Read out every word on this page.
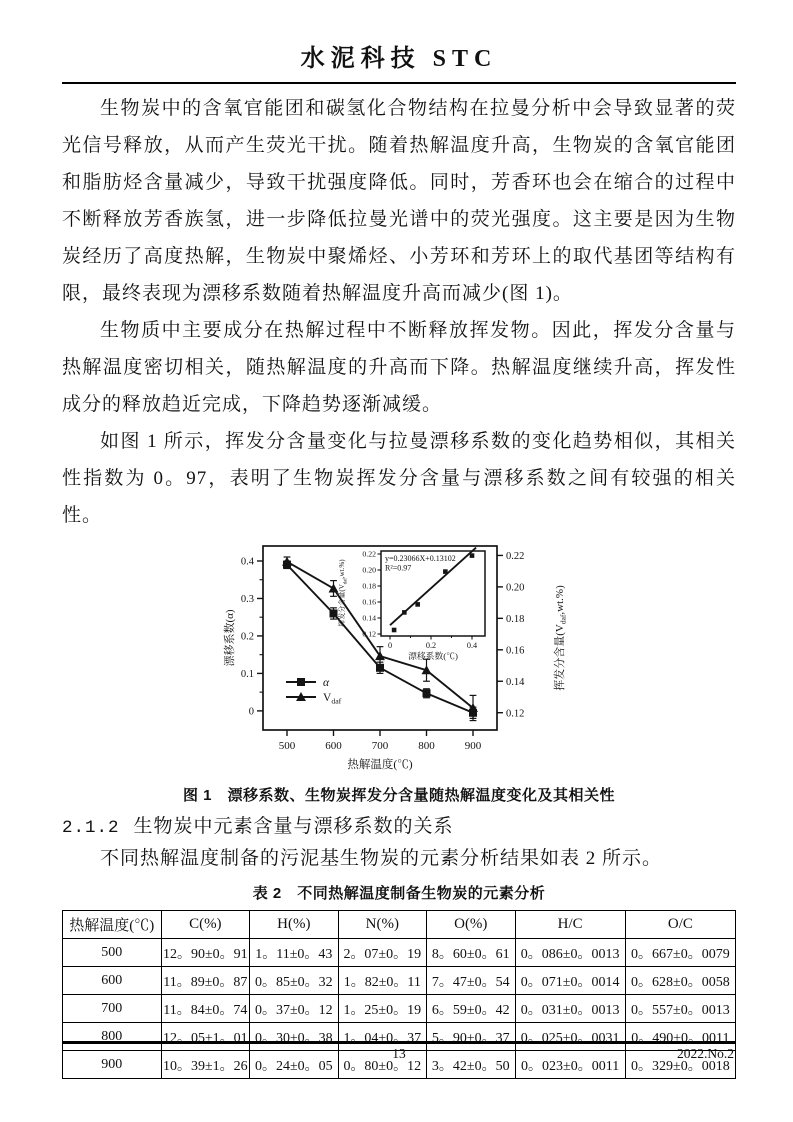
水泥科技 STC

生物炭中的含氧官能团和碳氢化合物结构在拉曼分析中会导致显著的荧光信号释放，从而产生荧光干扰。随着热解温度升高，生物炭的含氧官能团和脂肪烃含量减少，导致干扰强度降低。同时，芳香环也会在缩合的过程中不断释放芳香族氢，进一步降低拉曼光谱中的荧光强度。这主要是因为生物炭经历了高度热解，生物炭中聚烯烃、小芳环和芳环上的取代基团等结构有限，最终表现为漂移系数随着热解温度升高而减少(图 1)。

生物质中主要成分在热解过程中不断释放挥发物。因此，挥发分含量与热解温度密切相关，随热解温度的升高而下降。热解温度继续升高，挥发性成分的释放趋近完成，下降趋势逐渐减缓。

如图 1 所示，挥发分含量变化与拉曼漂移系数的变化趋势相似，其相关性指数为 0。97，表明了生物炭挥发分含量与漂移系数之间有较强的相关性。

0
0.1
0.2
0.3
0.4
0.12
0.14
0.16
0.18
0.20
0.22
500	600	700	800	900
漂移系数(α)	挥发分含量$(V_{daf},wt.\%)$
热解温度(℃)
α
$V_{daf}$
0.12
0.14
0.16
0.18
0.20
0.22
0	0.2	0.4
y=0.23066X+0.13102
R²=0.97
挥发分含量$(V_{daf},wt.\%)$
漂移系数(℃)
图 1　漂移系数、生物炭挥发分含量随热解温度变化及其相关性
2.1.2 生物炭中元素含量与漂移系数的关系

不同热解温度制备的污泥基生物炭的元素分析结果如表 2 所示。

表 2　不同热解温度制备生物炭的元素分析
热解温度(℃)	C(%)	H(%)	N(%)	O(%)	H/C	O/C
500	12。90±0。91	1。11±0。43	2。07±0。19	8。60±0。61	0。086±0。0013	0。667±0。0079
600	11。89±0。87	0。85±0。32	1。82±0。11	7。47±0。54	0。071±0。0014	0。628±0。0058
700	11。84±0。74	0。37±0。12	1。25±0。19	6。59±0。42	0。031±0。0013	0。557±0。0013
800	12。05±1。01	0。30±0。38	1。04±0。37	5。90±0。37	0。025±0。0031	0。490±0。0011
900	10。39±1。26	0。24±0。05	0。80±0。12	3。42±0。50	0。023±0。0011	0。329±0。0018
13	2022.No.2
